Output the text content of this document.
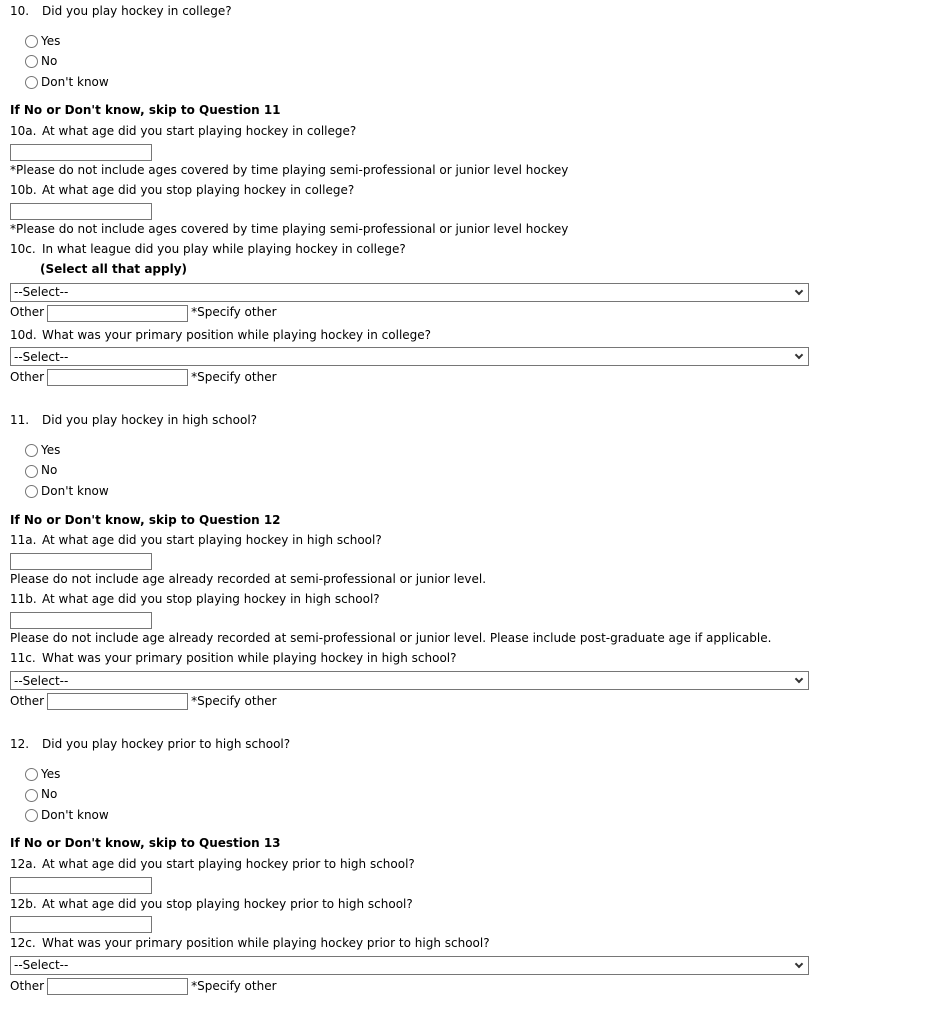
10. Did you play hockey in college?
Yes
No
Don't know
If No or Don't know, skip to Question 11
10a. At what age did you start playing hockey in college?
*Please do not include ages covered by time playing semi-professional or junior level hockey
10b. At what age did you stop playing hockey in college?
*Please do not include ages covered by time playing semi-professional or junior level hockey
10c. In what league did you play while playing hockey in college?
(Select all that apply)
--Select--
Other	*Specify other
10d. What was your primary position while playing hockey in college?
--Select--
Other	*Specify other
11. Did you play hockey in high school?
Yes
No
Don't know
If No or Don't know, skip to Question 12
11a. At what age did you start playing hockey in high school?
Please do not include age already recorded at semi-professional or junior level.
11b. At what age did you stop playing hockey in high school?
Please do not include age already recorded at semi-professional or junior level. Please include post-graduate age if applicable.
11c. What was your primary position while playing hockey in high school?
--Select--
Other	*Specify other
12. Did you play hockey prior to high school?
Yes
No
Don't know
If No or Don't know, skip to Question 13
12a. At what age did you start playing hockey prior to high school?
12b. At what age did you stop playing hockey prior to high school?
12c. What was your primary position while playing hockey prior to high school?
--Select--
Other	*Specify other
